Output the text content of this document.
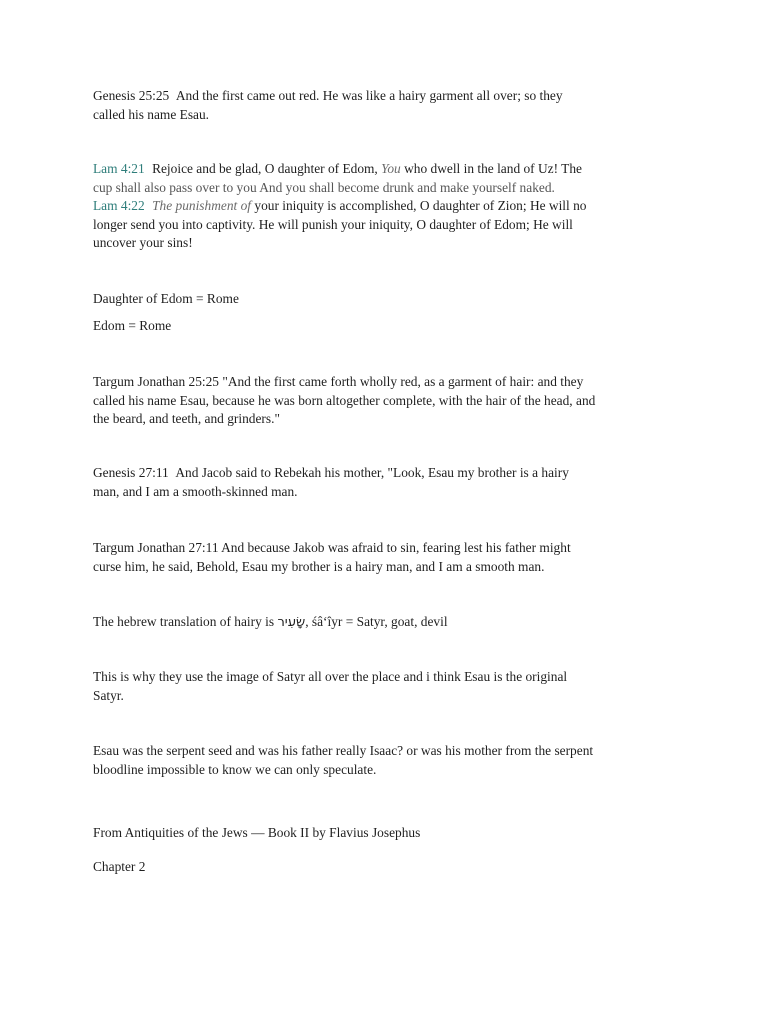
Genesis 25:25 And the first came out red. He was like a hairy garment all over; so they
called his name Esau.

Lam 4:21 Rejoice and be glad, O daughter of Edom, You who dwell in the land of Uz! The
cup shall also pass over to you And you shall become drunk and make yourself naked.

Lam 4:22 The punishment of your iniquity is accomplished, O daughter of Zion; He will no
longer send you into captivity. He will punish your iniquity, O daughter of Edom; He will
uncover your sins!

Daughter of Edom = Rome

Edom = Rome

Targum Jonathan 25:25 "And the first came forth wholly red, as a garment of hair: and they
called his name Esau, because he was born altogether complete, with the hair of the head, and
the beard, and teeth, and grinders."

Genesis 27:11 And Jacob said to Rebekah his mother, "Look, Esau my brother is a hairy
man, and I am a smooth-skinned man.

Targum Jonathan 27:11 And because Jakob was afraid to sin, fearing lest his father might
curse him, he said, Behold, Esau my brother is a hairy man, and I am a smooth man.

The hebrew translation of hairy is שָׂעִיר, śâʻîyr = Satyr, goat, devil

This is why they use the image of Satyr all over the place and i think Esau is the original
Satyr.

Esau was the serpent seed and was his father really Isaac? or was his mother from the serpent
bloodline impossible to know we can only speculate.

From Antiquities of the Jews — Book II by Flavius Josephus

Chapter 2
